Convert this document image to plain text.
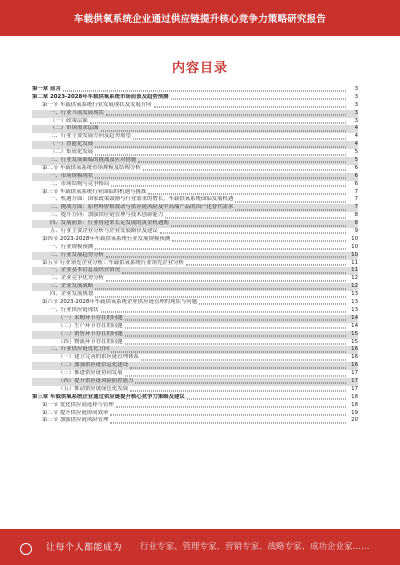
车载供氧系统企业通过供应链提升核心竞争力策略研究报告
内容目录
第一章 前言	3
第二章 2023-2028年车载供氧系统市场前景及趋势预测	3
第一节 车载供氧系统行业发展现状及发展方向	3
一、行业当前发展现状	3
（一）政策层面	3
（二）市场需求层面	4
二、行业主要发展方向及趋势展望	4
（一）智能化发展	4
（二）集成化发展	5
三、行业发展面临的挑战及应对措施	5
第二节 车载供氧系统市场规模及结构分析	6
一、市场规模现状	6
二、市场结构与竞争格局	6
第三节 车载供氧系统行业面临的机遇与挑战	7
一、机遇方面：国家政策鼓励与行业需求的增长，车载供氧系统面临发展机遇	7
二、挑战方面：原材料价格波动与供应链风险及中高端产品的国产化替代需求	7
三、提升方向：加强供应链管理与技术创新能力	8
四、发展前景：行业将迎来长足发展的黄金机遇期	8
五、行业主要企业分析与企业发展路径及建议	9
第四节 2023-2028年车载供氧系统行业发展规模预测	10
一、行业规模预测	10
二、行业发展趋势分析	10
第五节 行业领先企业分析：车载供氧系统行业领先企业分析	11
一、企业基本信息及经营情况	11
二、企业竞争优势分析	12
三、企业发展战略	12
四、企业发展规划	13
第六节 2023-2028年车载供氧系统企业供应链管理的现状与问题	13
一、行业供应链现状	13
（一）采购环节存在的问题	14
（二）生产环节存在的问题	14
（三）销售环节存在的问题	15
（四）物流环节存在的问题	15
二、行业供应链优化方向	16
（一）建立完善的供应链管理体系	16
（二）加强供应链信息化建设	16
（三）推进供应链协同发展	17
（四）提升供应链风险防控能力	17
（五）推动供应链绿色化发展	17
第三章 车载供氧系统企业通过供应链提升核心竞争力策略及建议	18
第一节 优化供应商选择与管理	18
第二节 提升供应链协同效率	19
第三节 加强供应链风险管理	20
让每个人都能成为 行业专家、管理专家、营销专家、战略专家、成功企业家……
